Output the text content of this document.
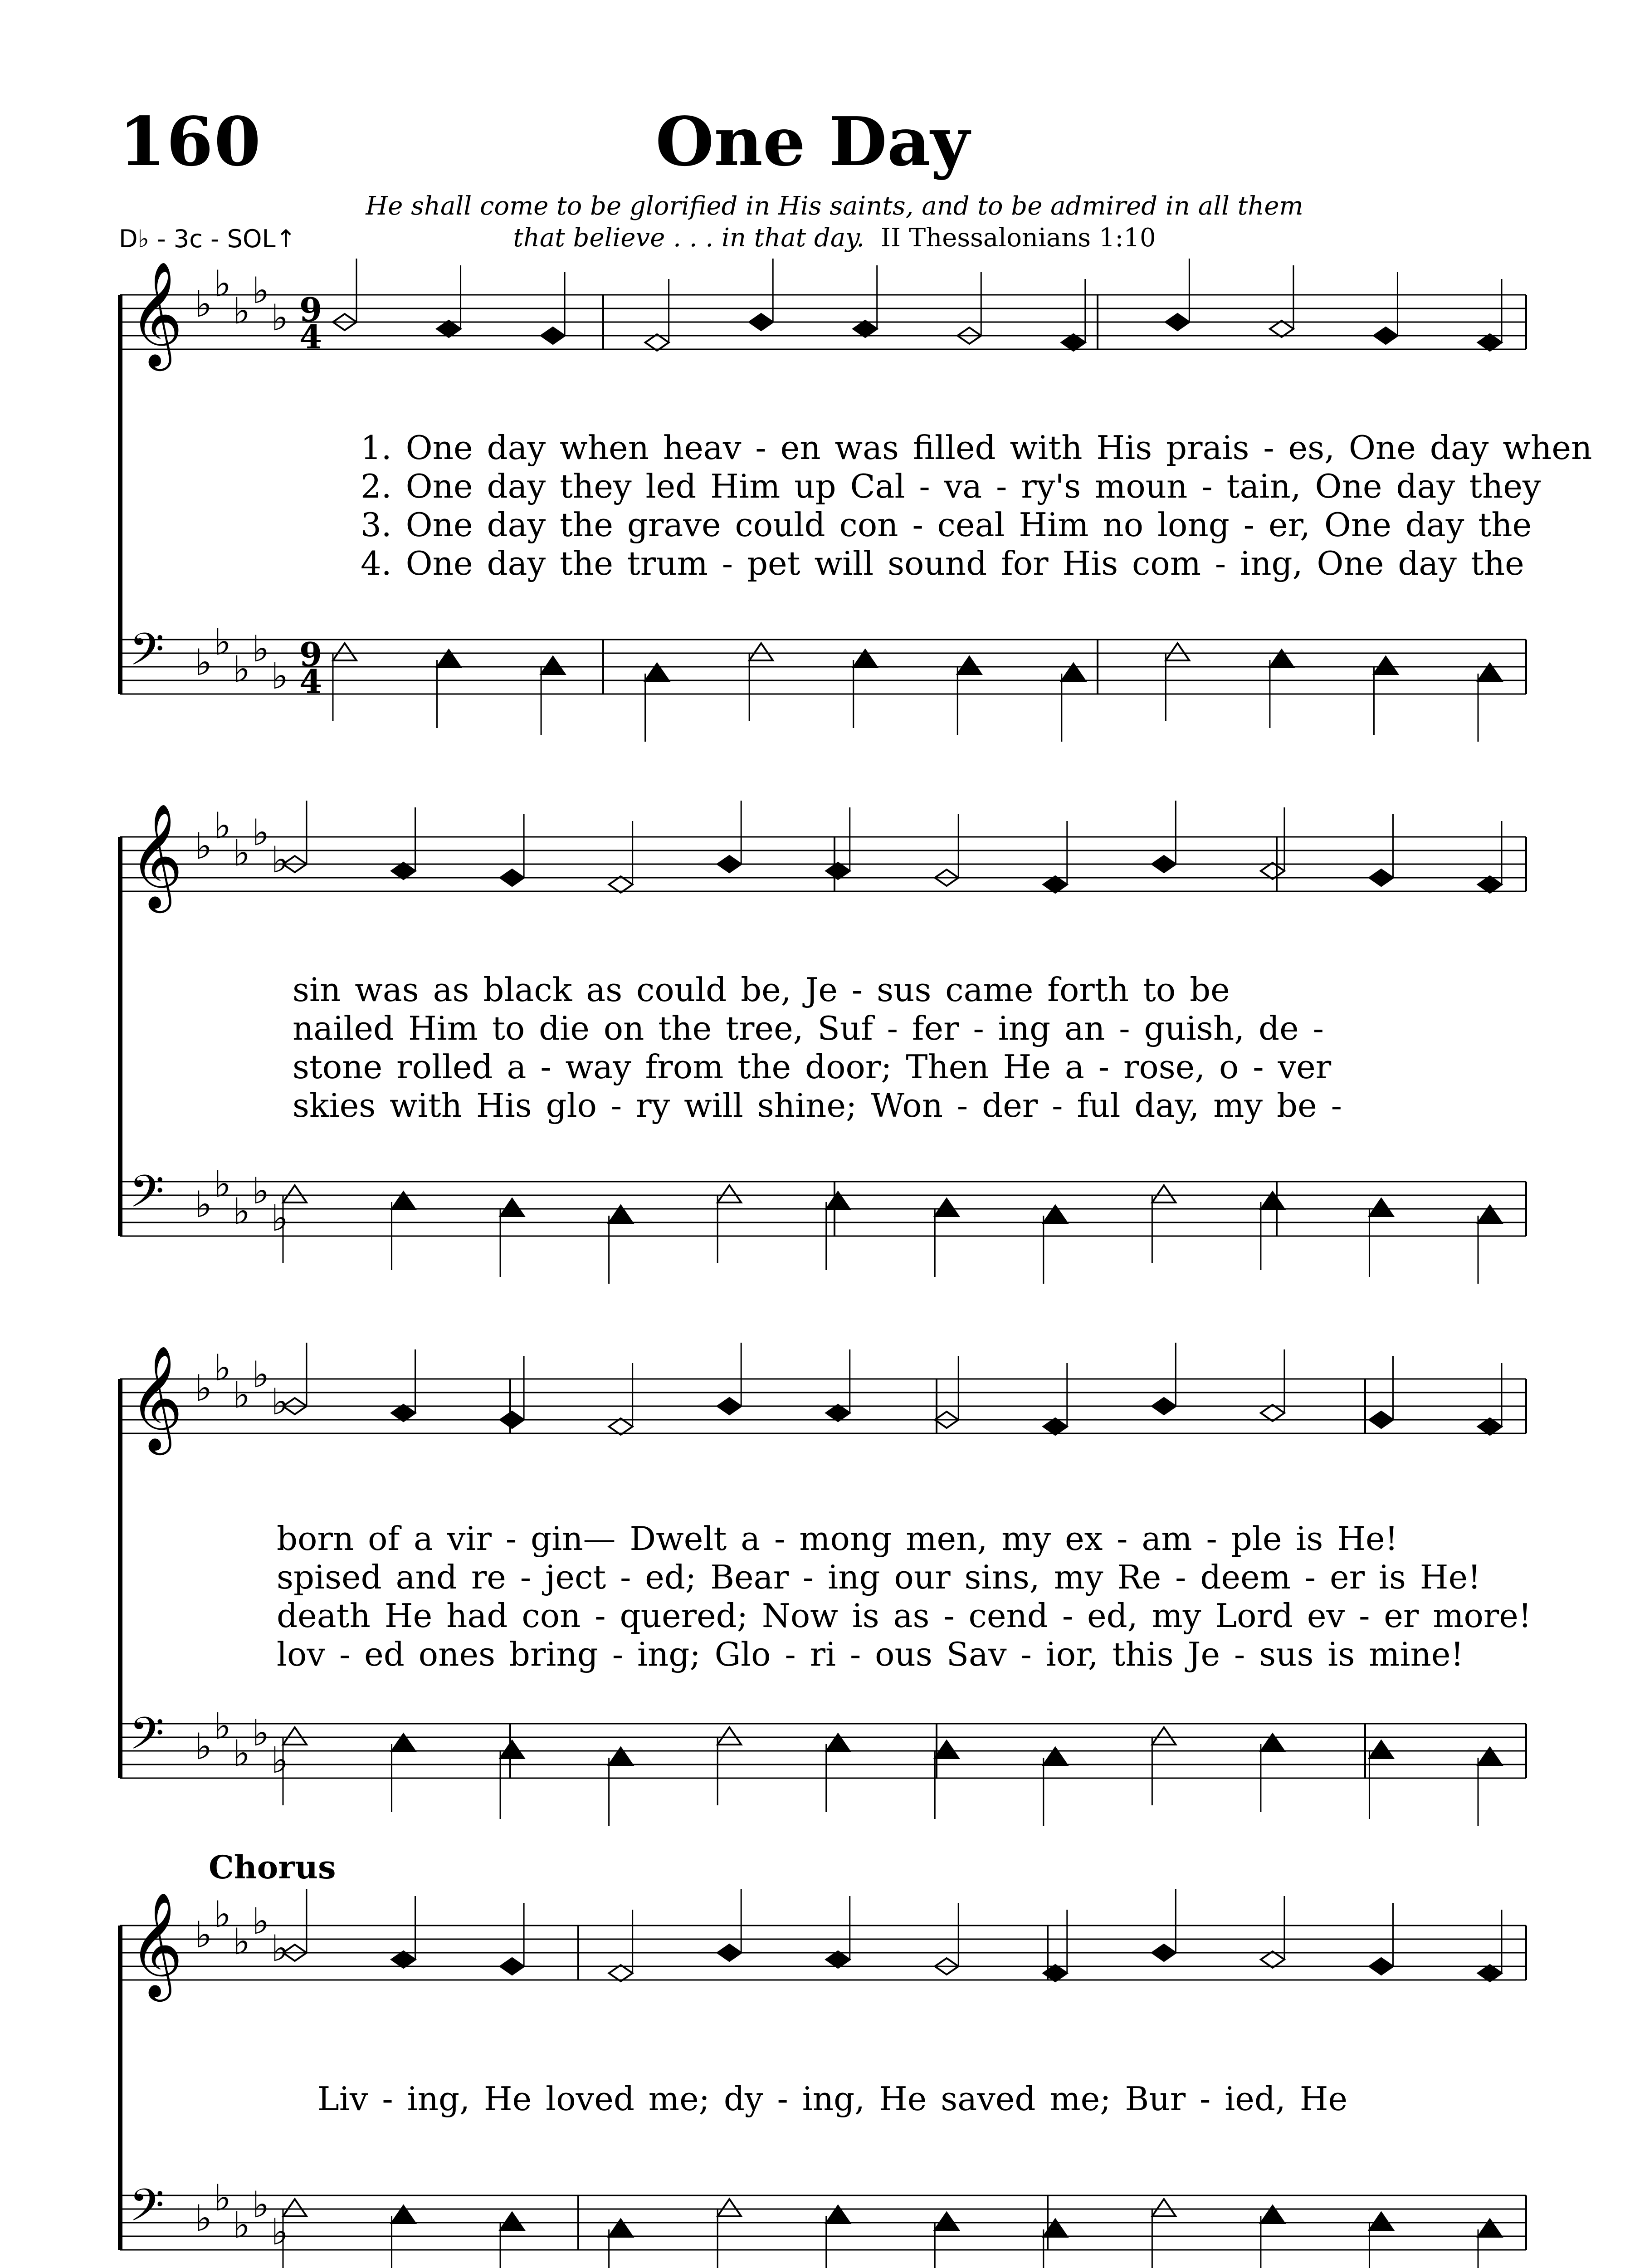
160	One Day
D♭ - 3c - SOL↑
He shall come to be glorified in His saints, and to be admired in all them
that believe . . . in that day. II Thessalonians 1:10
𝄞 ♭ ♭
♭ ♭
♭ 9
4
𝄢 ♭ ♭
♭ ♭
♭
9
4
𝄞 ♭ ♭
♭ ♭
♭
𝄢 ♭ ♭
♭ ♭
♭
𝄞 ♭ ♭
♭ ♭
♭
𝄢 ♭ ♭
♭ ♭
♭
𝄞 ♭ ♭
♭ ♭
♭
𝄢 ♭ ♭
♭ ♭
♭
1. One day when heav - en was filled with His prais - es, One day when
2. One day they led Him up Cal - va - ry's moun - tain, One day they
3. One day the grave could con - ceal Him no long - er, One day the
4. One day the trum - pet will sound for His com - ing, One day the
sin was as black as could be, Je - sus came forth to be
nailed Him to die on the tree, Suf - fer - ing an - guish, de -
stone rolled a - way from the door; Then He a - rose, o - ver
skies with His glo - ry will shine; Won - der - ful day, my be -
born of a vir - gin— Dwelt a - mong men, my ex - am - ple is He!
spised and re - ject - ed; Bear - ing our sins, my Re - deem - er is He!
death He had con - quered; Now is as - cend - ed, my Lord ev - er more!
lov - ed ones bring - ing; Glo - ri - ous Sav - ior, this Je - sus is mine!
Chorus
Liv - ing, He loved me; dy - ing, He saved me; Bur - ied, He
